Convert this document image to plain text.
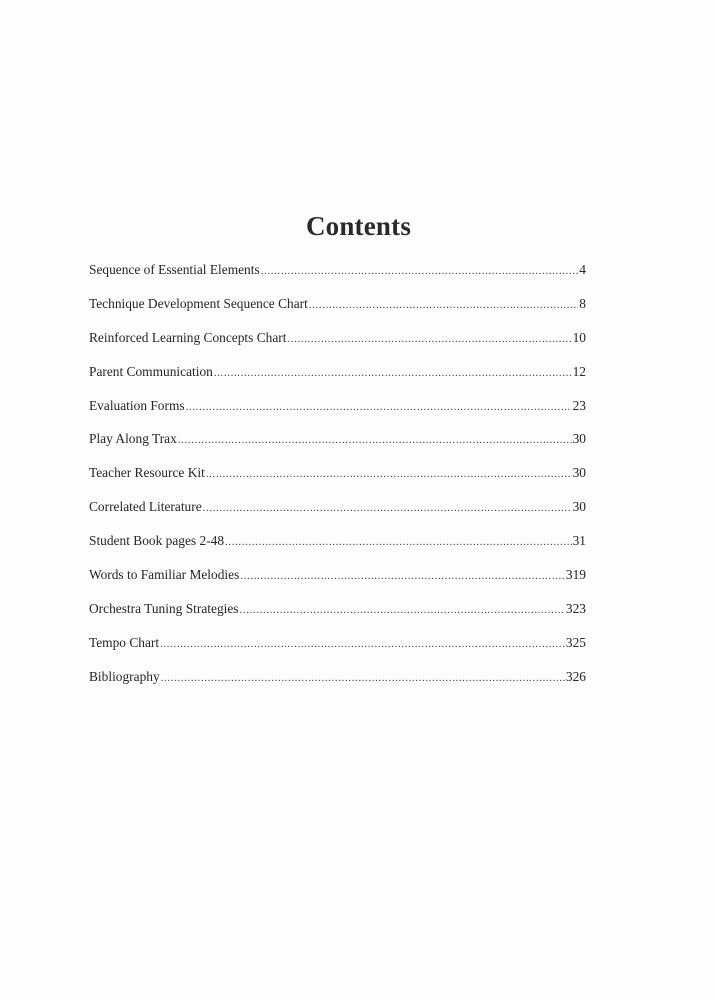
Contents
Sequence of Essential Elements .....	4
Technique Development Sequence Chart .....	8
Reinforced Learning Concepts Chart .....	10
Parent Communication .....	12
Evaluation Forms .....	23
Play Along Trax .....	30
Teacher Resource Kit .....	30
Correlated Literature .....	30
Student Book pages 2-48 .....	31
Words to Familiar Melodies .....	319
Orchestra Tuning Strategies .....	323
Tempo Chart .....	325
Bibliography .....	326
